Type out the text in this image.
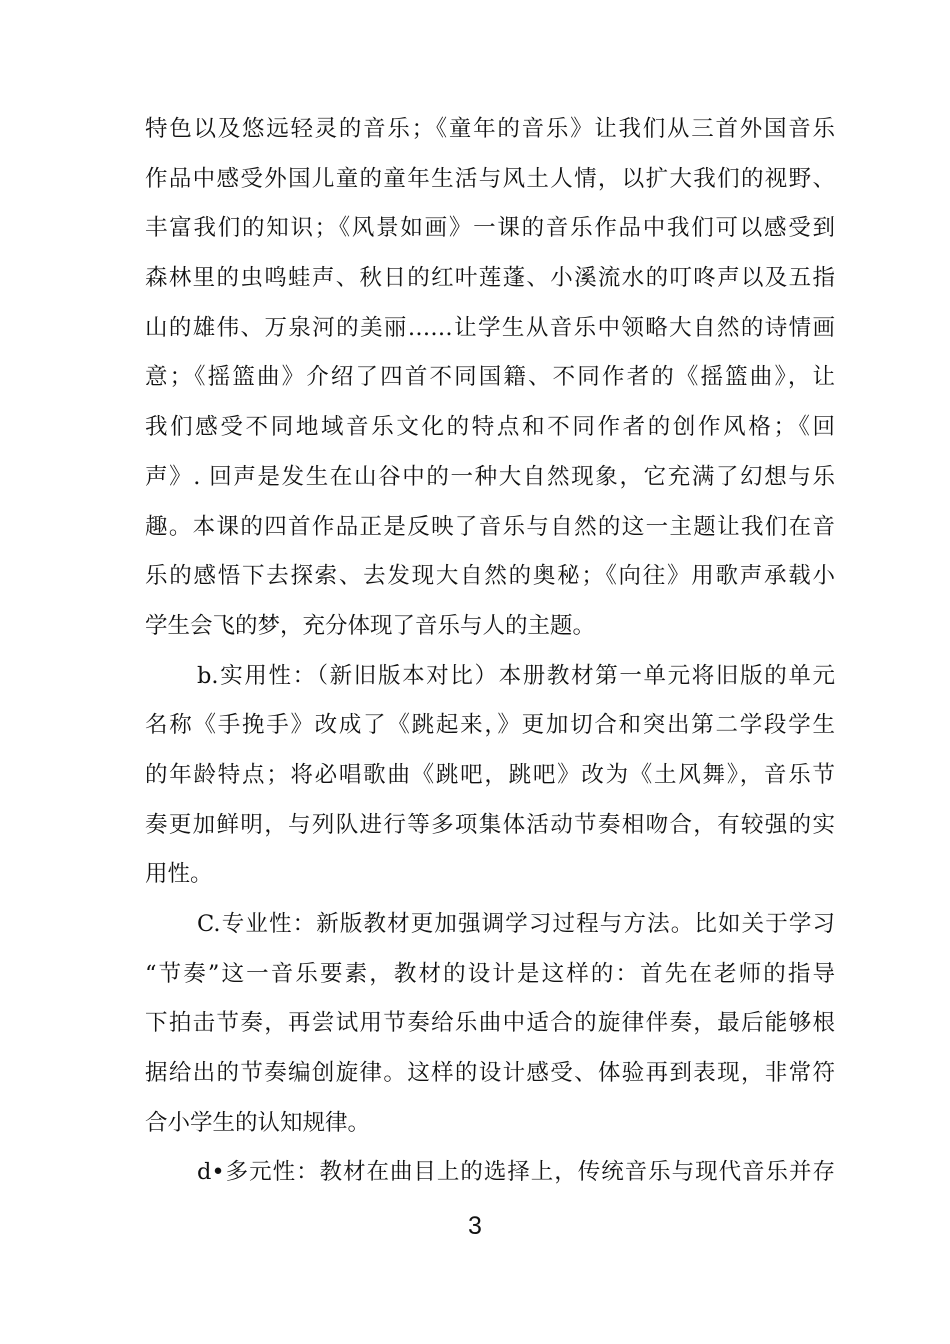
特色以及悠远轻灵的音乐；《童年的音乐》让我们从三首外国音乐
作品中感受外国儿童的童年生活与风土人情，以扩大我们的视野、
丰富我们的知识；《风景如画》一课的音乐作品中我们可以感受到
森林里的虫鸣蛙声、秋日的红叶莲蓬、小溪流水的叮咚声以及五指
山的雄伟、万泉河的美丽……让学生从音乐中领略大自然的诗情画
意；《摇篮曲》介绍了四首不同国籍、不同作者的《摇篮曲》，让
我们感受不同地域音乐文化的特点和不同作者的创作风格；《回
声》. 回声是发生在山谷中的一种大自然现象，它充满了幻想与乐
趣。本课的四首作品正是反映了音乐与自然的这一主题让我们在音
乐的感悟下去探索、去发现大自然的奥秘；《向往》用歌声承载小
学生会飞的梦，充分体现了音乐与人的主题。
b.实用性：（新旧版本对比）本册教材第一单元将旧版的单元
名称《手挽手》改成了《跳起来，》更加切合和突出第二学段学生
的年龄特点；将必唱歌曲《跳吧，跳吧》改为《土风舞》，音乐节
奏更加鲜明，与列队进行等多项集体活动节奏相吻合，有较强的实
用性。
C.专业性：新版教材更加强调学习过程与方法。比如关于学习
“节奏”这一音乐要素，教材的设计是这样的：首先在老师的指导
下拍击节奏，再尝试用节奏给乐曲中适合的旋律伴奏，最后能够根
据给出的节奏编创旋律。这样的设计感受、体验再到表现，非常符
合小学生的认知规律。
d•多元性：教材在曲目上的选择上，传统音乐与现代音乐并存
3
